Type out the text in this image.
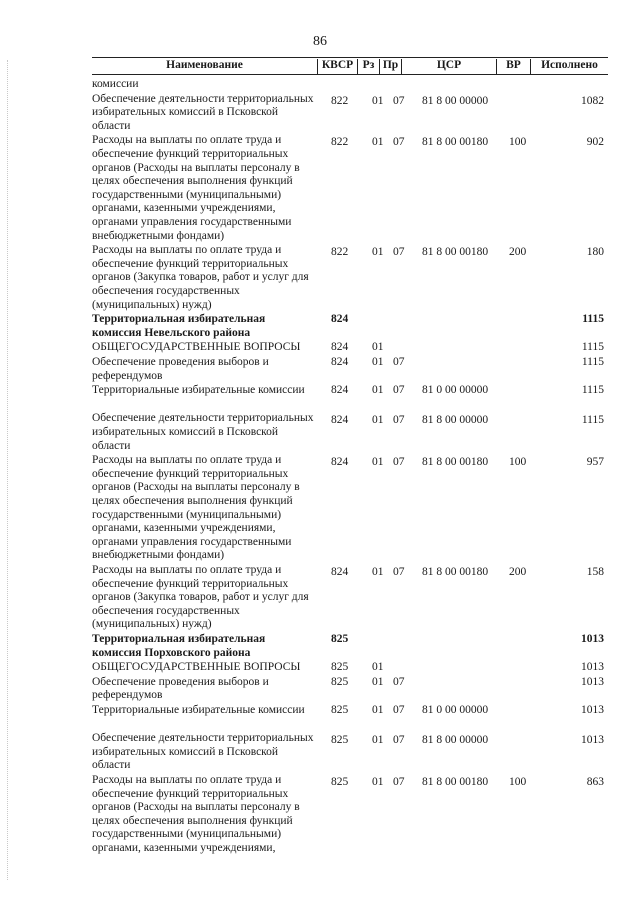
86
Наименование	КВСР Рз Пр	ЦСР	ВР	Исполнено
комиссии
Обеспечение деятельности территориальных избирательных комиссий в Псковской области
822 01 07 81 8 00 00000	1082
Расходы на выплаты по оплате труда и обеспечение функций территориальных органов (Расходы на выплаты персоналу в целях обеспечения выполнения функций государственными (муниципальными) органами, казенными учреждениями, органами управления государственными внебюджетными фондами)
822 01 07 81 8 00 00180 100	902
Расходы на выплаты по оплате труда и обеспечение функций территориальных органов (Закупка товаров, работ и услуг для обеспечения государственных (муниципальных) нужд)
822 01 07 81 8 00 00180 200	180
Территориальная избирательная комиссия Невельского района
824	1115
ОБЩЕГОСУДАРСТВЕННЫЕ ВОПРОСЫ	824 01	1115
Обеспечение проведения выборов и референдумов
824 01 07	1115
Территориальные избирательные комиссии	824 01 07 81 0 00 00000	1115
Обеспечение деятельности территориальных избирательных комиссий в Псковской области
824 01 07 81 8 00 00000	1115
Расходы на выплаты по оплате труда и обеспечение функций территориальных органов (Расходы на выплаты персоналу в целях обеспечения выполнения функций государственными (муниципальными) органами, казенными учреждениями, органами управления государственными внебюджетными фондами)
824 01 07 81 8 00 00180 100	957
Расходы на выплаты по оплате труда и обеспечение функций территориальных органов (Закупка товаров, работ и услуг для обеспечения государственных (муниципальных) нужд)
824 01 07 81 8 00 00180 200	158
Территориальная избирательная комиссия Порховского района
825	1013
ОБЩЕГОСУДАРСТВЕННЫЕ ВОПРОСЫ	825 01	1013
Обеспечение проведения выборов и референдумов
825 01 07	1013
Территориальные избирательные комиссии	825 01 07 81 0 00 00000	1013
Обеспечение деятельности территориальных избирательных комиссий в Псковской области
825 01 07 81 8 00 00000	1013
Расходы на выплаты по оплате труда и обеспечение функций территориальных органов (Расходы на выплаты персоналу в целях обеспечения выполнения функций государственными (муниципальными) органами, казенными учреждениями,
825 01 07 81 8 00 00180 100	863
